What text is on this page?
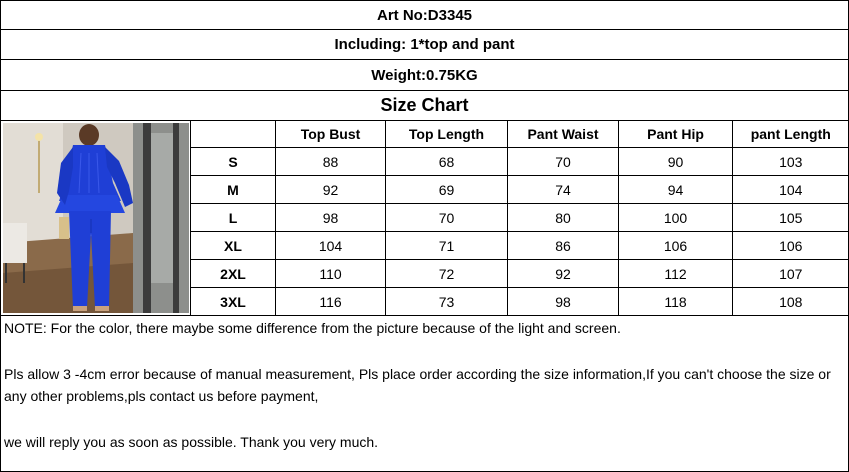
Art No:D3345
Including: 1*top and pant
Weight:0.75KG
Size Chart
	Top Bust	Top Length	Pant Waist	Pant Hip	pant Length
S	88	68	70	90	103
M	92	69	74	94	104
L	98	70	80	100	105
XL	104	71	86	106	106
2XL	110	72	92	112	107
3XL	116	73	98	118	108

NOTE: For the color, there maybe some difference from the picture because of the light and screen.

Pls allow 3 -4cm error because of manual measurement, Pls place order according the size information,If you can't choose the size or any other problems,pls contact us before payment,

we will reply you as soon as possible. Thank you very much.
